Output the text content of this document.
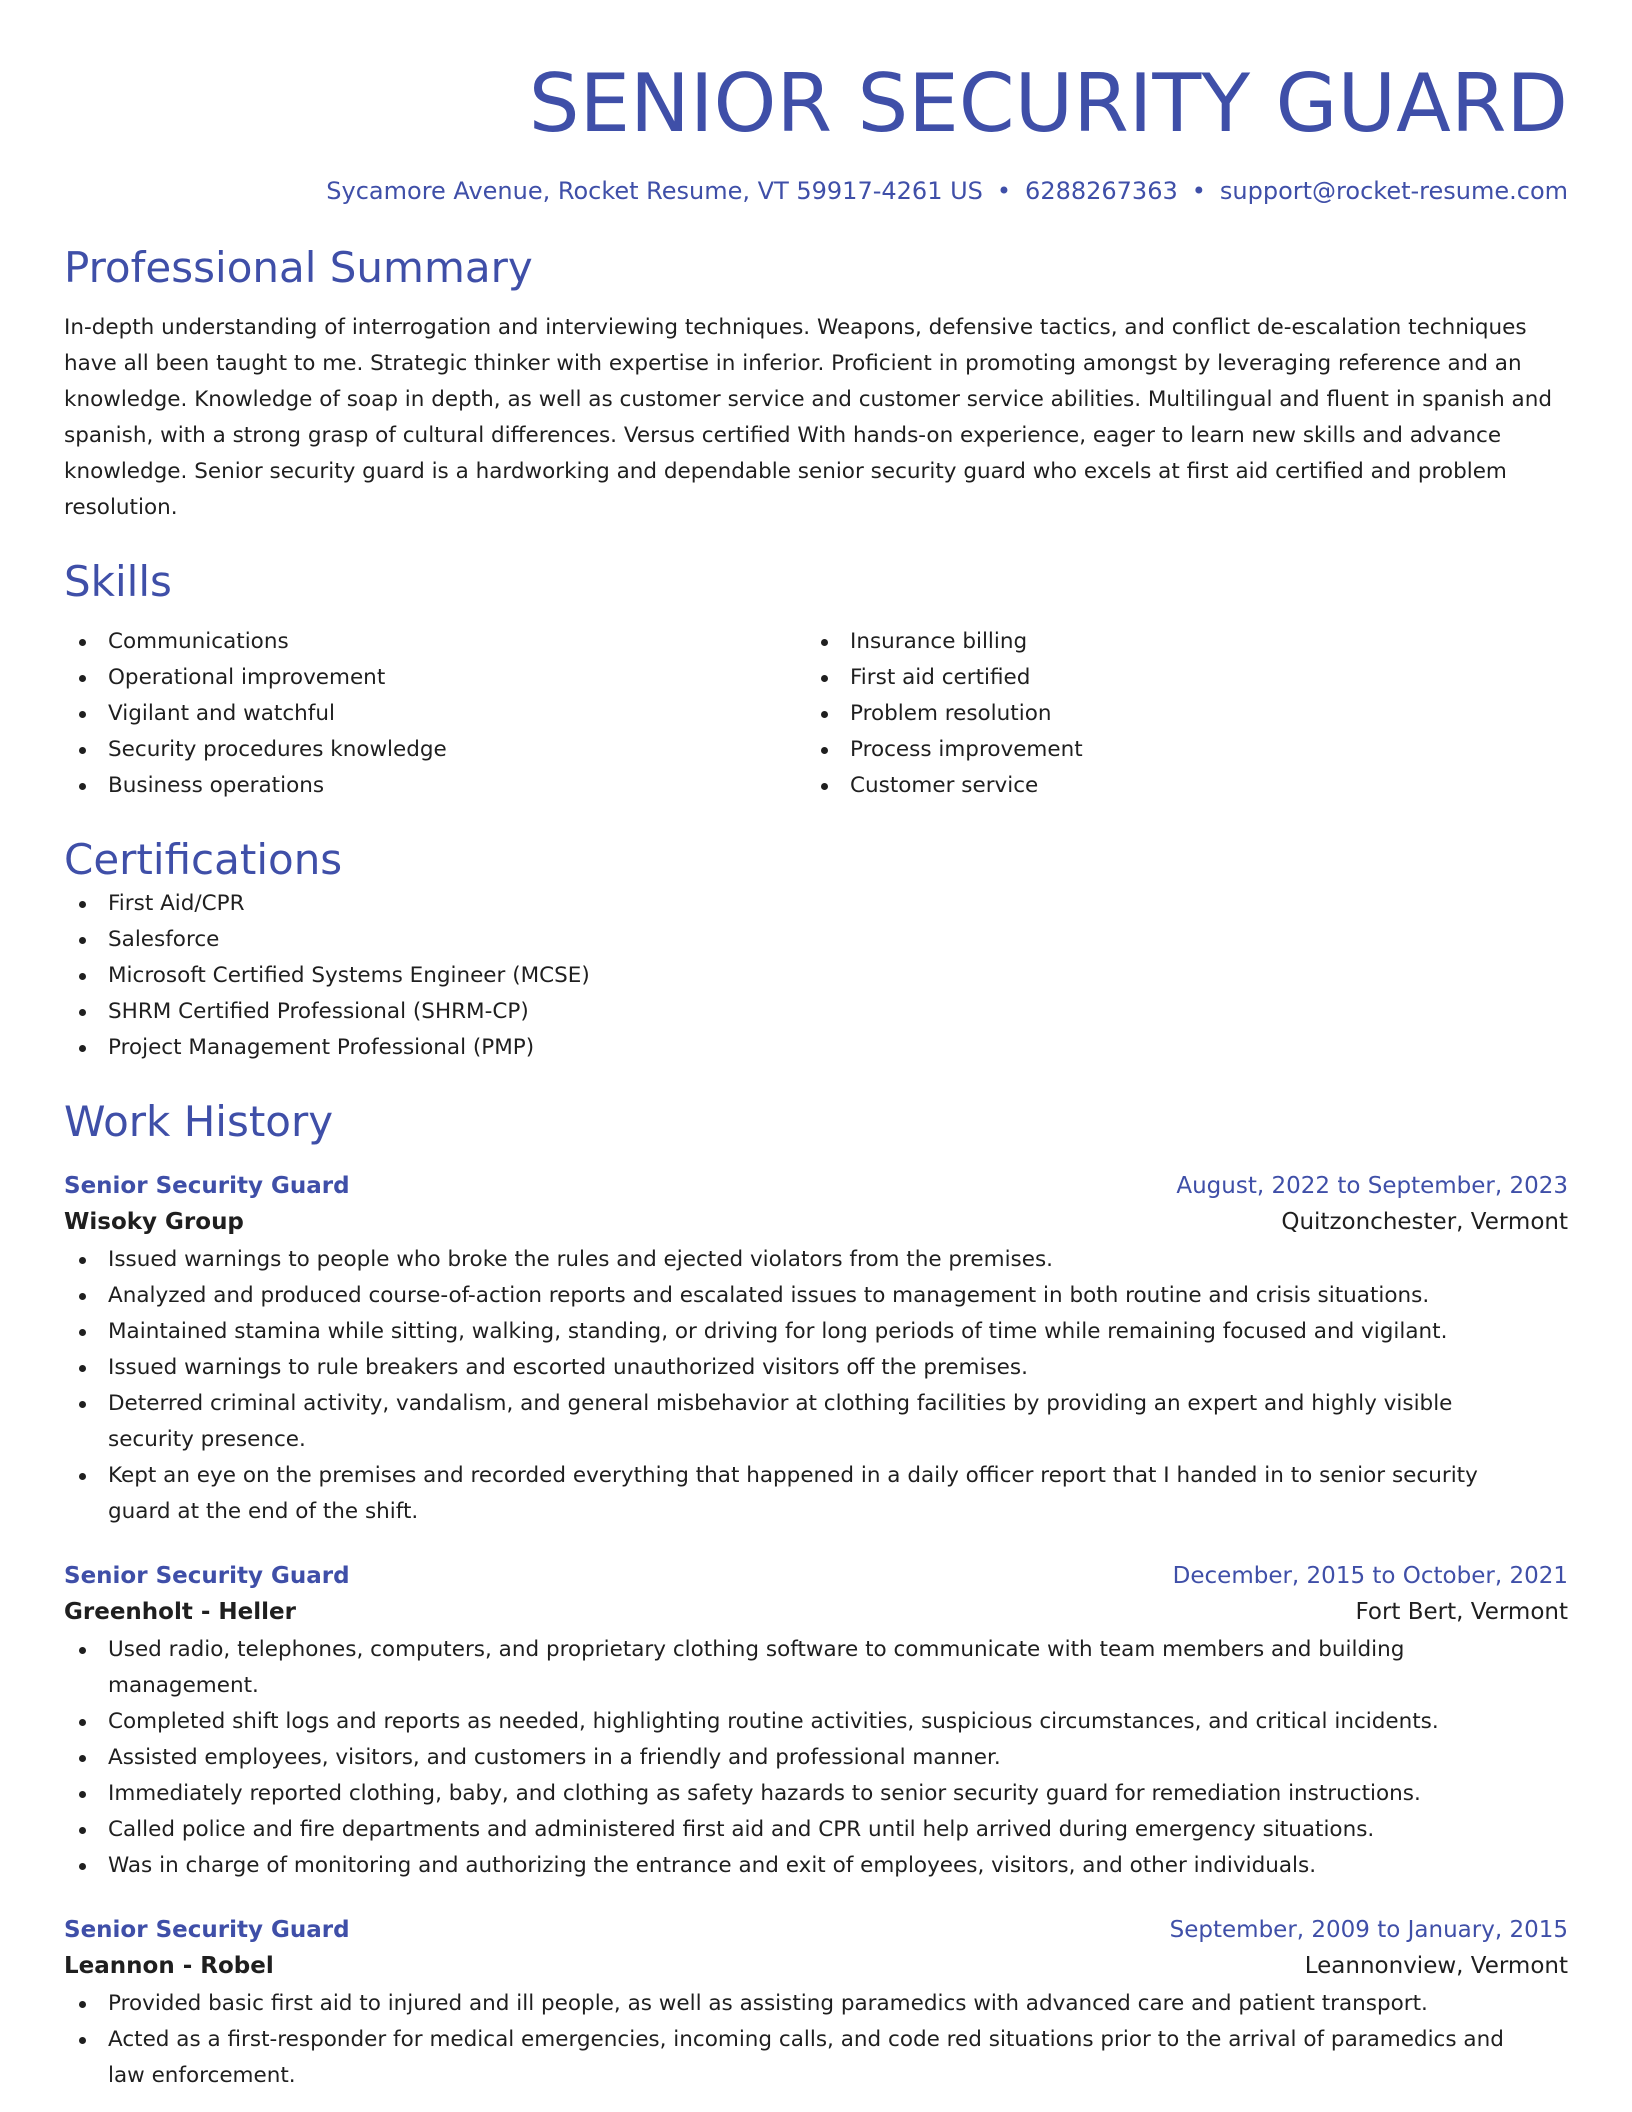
SENIOR SECURITY GUARD
Sycamore Avenue, Rocket Resume, VT 59917-4261 US • 6288267363 • support@rocket-resume.com
Professional Summary
In-depth understanding of interrogation and interviewing techniques. Weapons, defensive tactics, and conflict de-escalation techniques have all been taught to me. Strategic thinker with expertise in inferior. Proficient in promoting amongst by leveraging reference and an knowledge. Knowledge of soap in depth, as well as customer service and customer service abilities. Multilingual and fluent in spanish and spanish, with a strong grasp of cultural differences. Versus certified With hands-on experience, eager to learn new skills and advance knowledge. Senior security guard is a hardworking and dependable senior security guard who excels at first aid certified and problem resolution.
Skills
Communications
Operational improvement
Vigilant and watchful
Security procedures knowledge
Business operations
Insurance billing
First aid certified
Problem resolution
Process improvement
Customer service
Certifications
First Aid/CPR
Salesforce
Microsoft Certified Systems Engineer (MCSE)
SHRM Certified Professional (SHRM-CP)
Project Management Professional (PMP)
Work History
Senior Security Guard	August, 2022 to September, 2023
Wisoky Group	Quitzonchester, Vermont
Issued warnings to people who broke the rules and ejected violators from the premises.
Analyzed and produced course-of-action reports and escalated issues to management in both routine and crisis situations.
Maintained stamina while sitting, walking, standing, or driving for long periods of time while remaining focused and vigilant.
Issued warnings to rule breakers and escorted unauthorized visitors off the premises.
Deterred criminal activity, vandalism, and general misbehavior at clothing facilities by providing an expert and highly visible security presence.
Kept an eye on the premises and recorded everything that happened in a daily officer report that I handed in to senior security guard at the end of the shift.
Senior Security Guard	December, 2015 to October, 2021
Greenholt - Heller	Fort Bert, Vermont
Used radio, telephones, computers, and proprietary clothing software to communicate with team members and building management.
Completed shift logs and reports as needed, highlighting routine activities, suspicious circumstances, and critical incidents.
Assisted employees, visitors, and customers in a friendly and professional manner.
Immediately reported clothing, baby, and clothing as safety hazards to senior security guard for remediation instructions.
Called police and fire departments and administered first aid and CPR until help arrived during emergency situations.
Was in charge of monitoring and authorizing the entrance and exit of employees, visitors, and other individuals.
Senior Security Guard	September, 2009 to January, 2015
Leannon - Robel	Leannonview, Vermont
Provided basic first aid to injured and ill people, as well as assisting paramedics with advanced care and patient transport.
Acted as a first-responder for medical emergencies, incoming calls, and code red situations prior to the arrival of paramedics and law enforcement.
